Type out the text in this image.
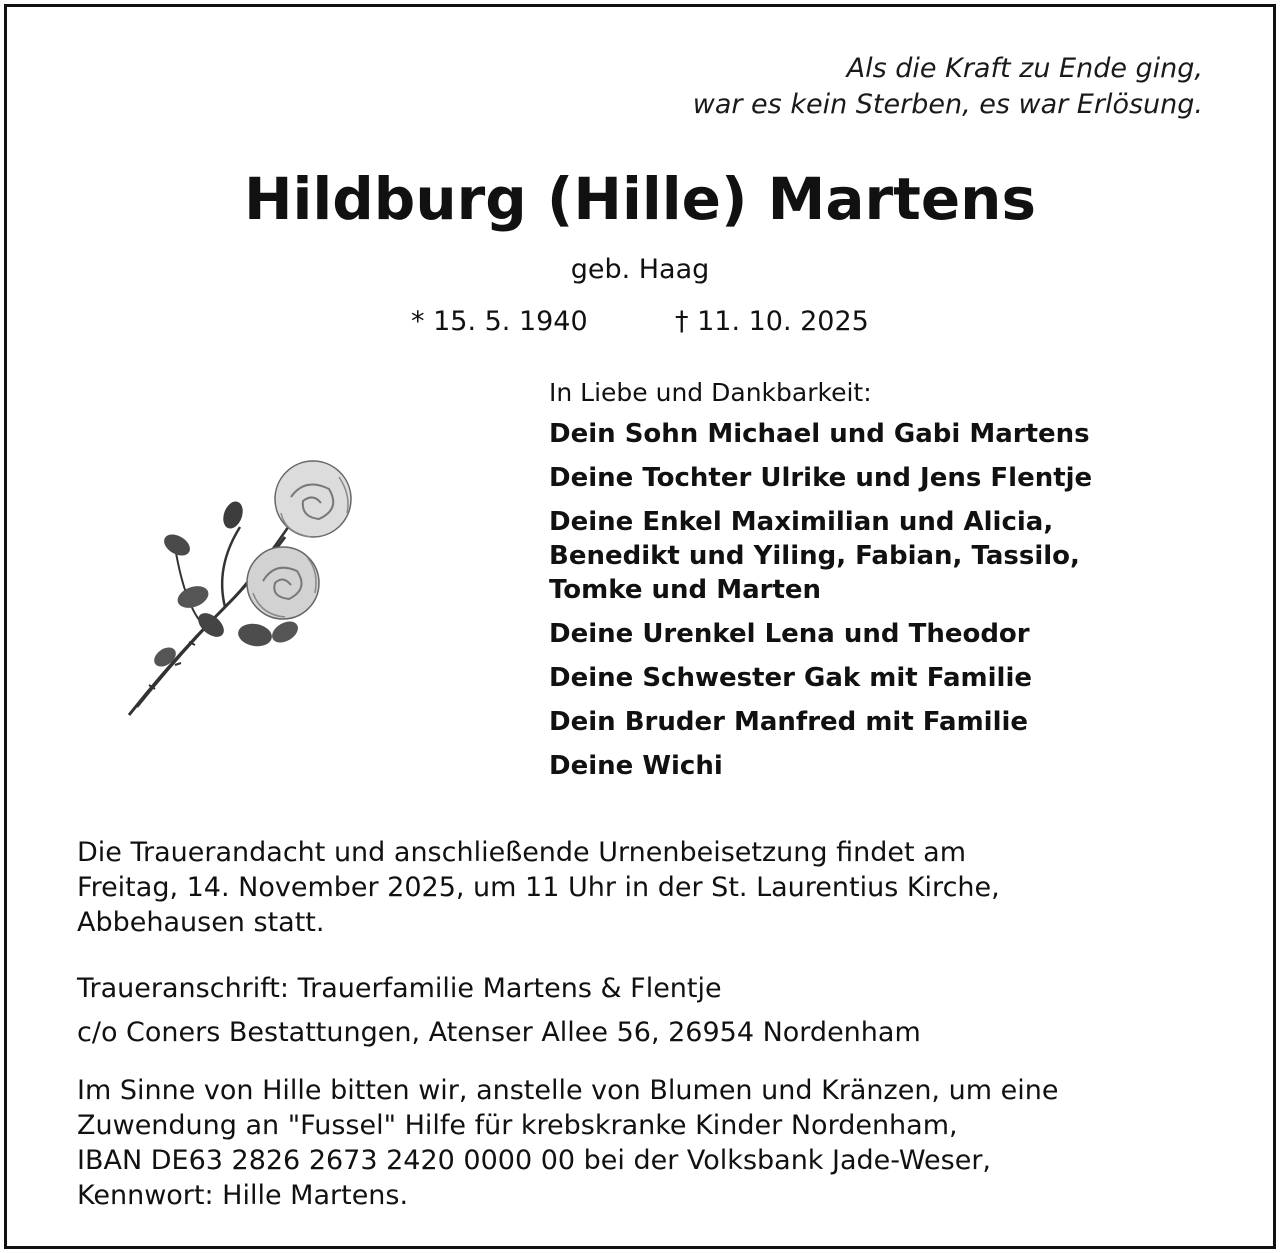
Als die Kraft zu Ende ging,
war es kein Sterben, es war Erlösung.
Hildburg (Hille) Martens
geb. Haag
* 15. 5. 1940	† 11. 10. 2025
In Liebe und Dankbarkeit:
Dein Sohn Michael und Gabi Martens
Deine Tochter Ulrike und Jens Flentje
Deine Enkel Maximilian und Alicia,
Benedikt und Yiling, Fabian, Tassilo,
Tomke und Marten
Deine Urenkel Lena und Theodor
Deine Schwester Gak mit Familie
Dein Bruder Manfred mit Familie
Deine Wichi
Die Trauerandacht und anschließende Urnenbeisetzung findet am
Freitag, 14. November 2025, um 11 Uhr in der St. Laurentius Kirche,
Abbehausen statt.
Traueranschrift: Trauerfamilie Martens & Flentje
c/o Coners Bestattungen, Atenser Allee 56, 26954 Nordenham
Im Sinne von Hille bitten wir, anstelle von Blumen und Kränzen, um eine
Zuwendung an "Fussel" Hilfe für krebskranke Kinder Nordenham,
IBAN DE63 2826 2673 2420 0000 00 bei der Volksbank Jade-Weser,
Kennwort: Hille Martens.
